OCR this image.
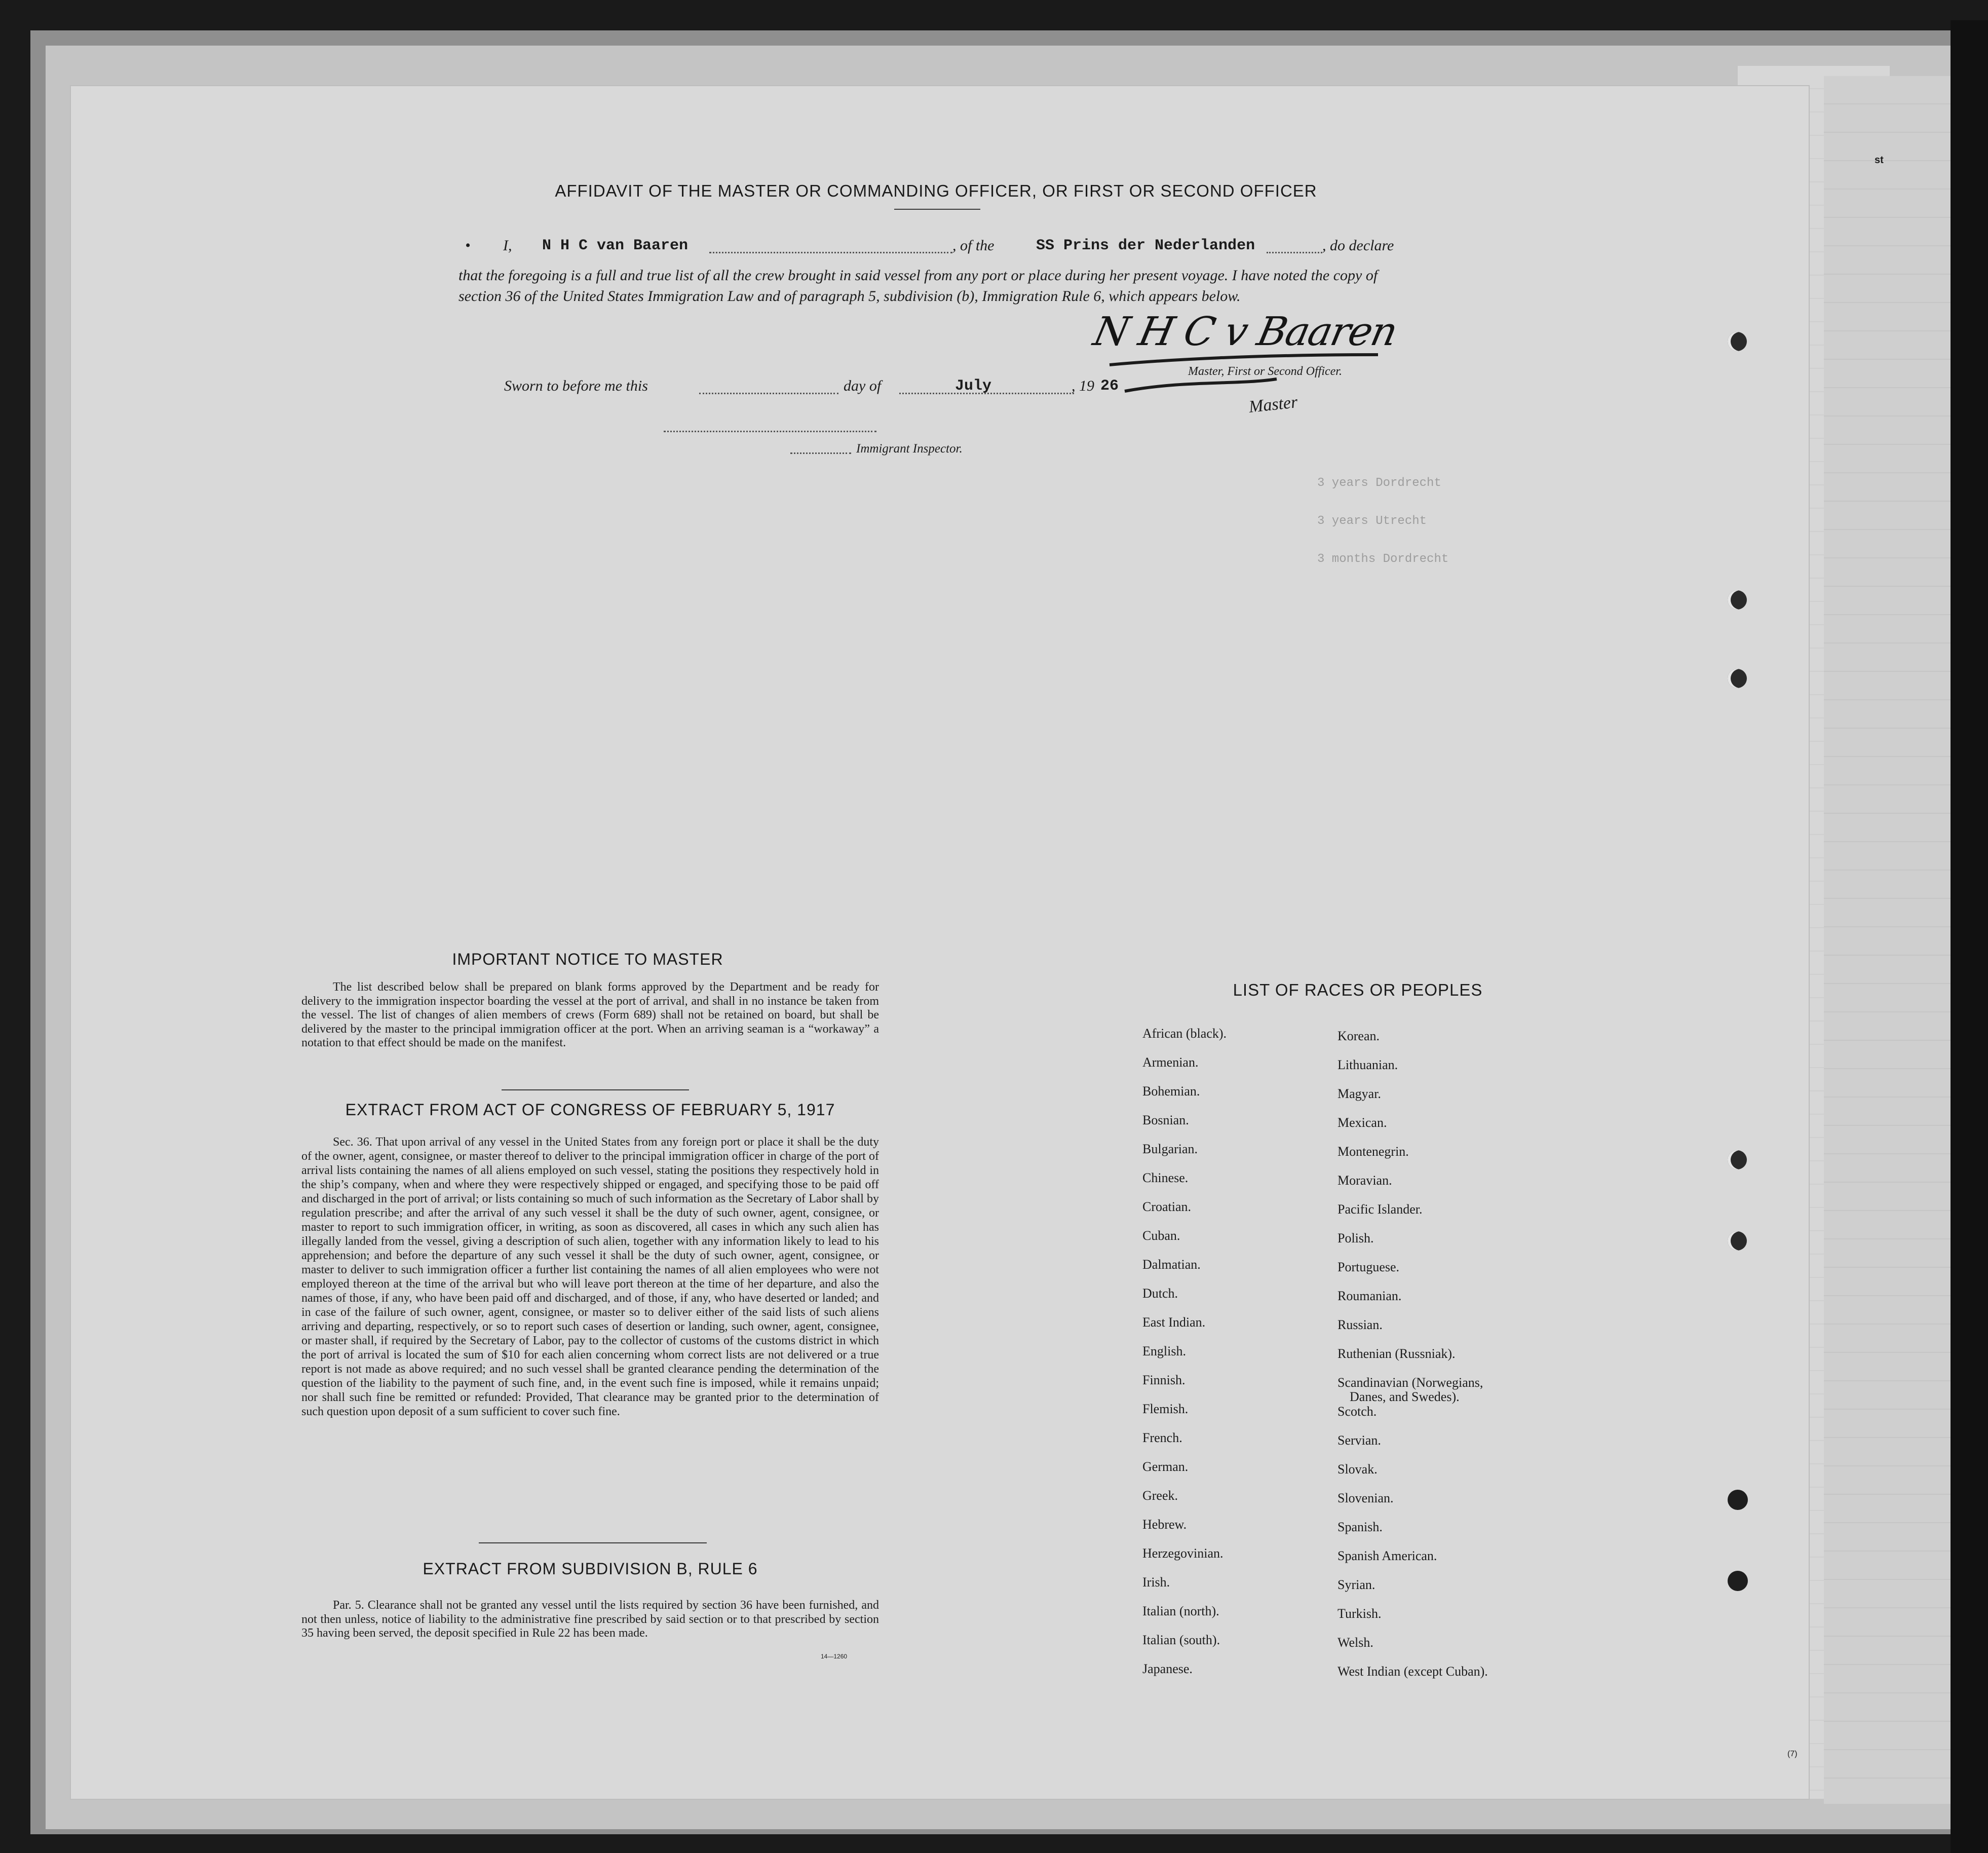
st
3 years Dordrecht
3 years Utrecht
3 months Dordrecht
AFFIDAVIT OF THE MASTER OR COMMANDING OFFICER, OR FIRST OR SECOND OFFICER
• I, N H C van Baaren	, of the	SS Prins der Nederlanden	, do declare
that the foregoing is a full and true list of all the crew brought in said vessel from any port or place during her present voyage. I have noted the copy of section 36 of the United States Immigration Law and of paragraph 5, subdivision (b), Immigration Rule 6, which appears below.
N H C v Baaren
Master, First or Second Officer.
Master
Sworn to before me this	day of	July	, 19 26
Immigrant Inspector.
IMPORTANT NOTICE TO MASTER

The list described below shall be prepared on blank forms approved by the Department and be ready for delivery to the immigration inspector boarding the vessel at the port of arrival, and shall in no instance be taken from the vessel. The list of changes of alien members of crews (Form 689) shall not be retained on board, but shall be delivered by the master to the principal immigration officer at the port. When an arriving seaman is a “workaway” a notation to that effect should be made on the manifest.

EXTRACT FROM ACT OF CONGRESS OF FEBRUARY 5, 1917

Sec. 36. That upon arrival of any vessel in the United States from any foreign port or place it shall be the duty of the owner, agent, consignee, or master thereof to deliver to the principal immigration officer in charge of the port of arrival lists containing the names of all aliens employed on such vessel, stating the positions they respectively hold in the ship’s company, when and where they were respectively shipped or engaged, and specifying those to be paid off and discharged in the port of arrival; or lists containing so much of such information as the Secretary of Labor shall by regulation prescribe; and after the arrival of any such vessel it shall be the duty of such owner, agent, consignee, or master to report to such immigration officer, in writing, as soon as discovered, all cases in which any such alien has illegally landed from the vessel, giving a description of such alien, together with any information likely to lead to his apprehension; and before the departure of any such vessel it shall be the duty of such owner, agent, consignee, or master to deliver to such immigration officer a further list containing the names of all alien employees who were not employed thereon at the time of the arrival but who will leave port thereon at the time of her departure, and also the names of those, if any, who have been paid off and discharged, and of those, if any, who have deserted or landed; and in case of the failure of such owner, agent, consignee, or master so to deliver either of the said lists of such aliens arriving and departing, respectively, or so to report such cases of desertion or landing, such owner, agent, consignee, or master shall, if required by the Secretary of Labor, pay to the collector of customs of the customs district in which the port of arrival is located the sum of $10 for each alien concerning whom correct lists are not delivered or a true report is not made as above required; and no such vessel shall be granted clearance pending the determination of the question of the liability to the payment of such fine, and, in the event such fine is imposed, while it remains unpaid; nor shall such fine be remitted or refunded: Provided, That clearance may be granted prior to the determination of such question upon deposit of a sum sufficient to cover such fine.

EXTRACT FROM SUBDIVISION B, RULE 6

Par. 5. Clearance shall not be granted any vessel until the lists required by section 36 have been furnished, and not then unless, notice of liability to the administrative fine prescribed by said section or to that prescribed by section 35 having been served, the deposit specified in Rule 22 has been made.

14—1260
LIST OF RACES OR PEOPLES
African (black).
Armenian.
Bohemian.
Bosnian.
Bulgarian.
Chinese.
Croatian.
Cuban.
Dalmatian.
Dutch.
East Indian.
English.
Finnish.
Flemish.
French.
German.
Greek.
Hebrew.
Herzegovinian.
Irish.
Italian (north).
Italian (south).
Japanese.
Korean.
Lithuanian.
Magyar.
Mexican.
Montenegrin.
Moravian.
Pacific Islander.
Polish.
Portuguese.
Roumanian.
Russian.
Ruthenian (Russniak).
Scandinavian (Norwegians,
Danes, and Swedes).
Scotch.
Servian.
Slovak.
Slovenian.
Spanish.
Spanish American.
Syrian.
Turkish.
Welsh.
West Indian (except Cuban).
(7)
